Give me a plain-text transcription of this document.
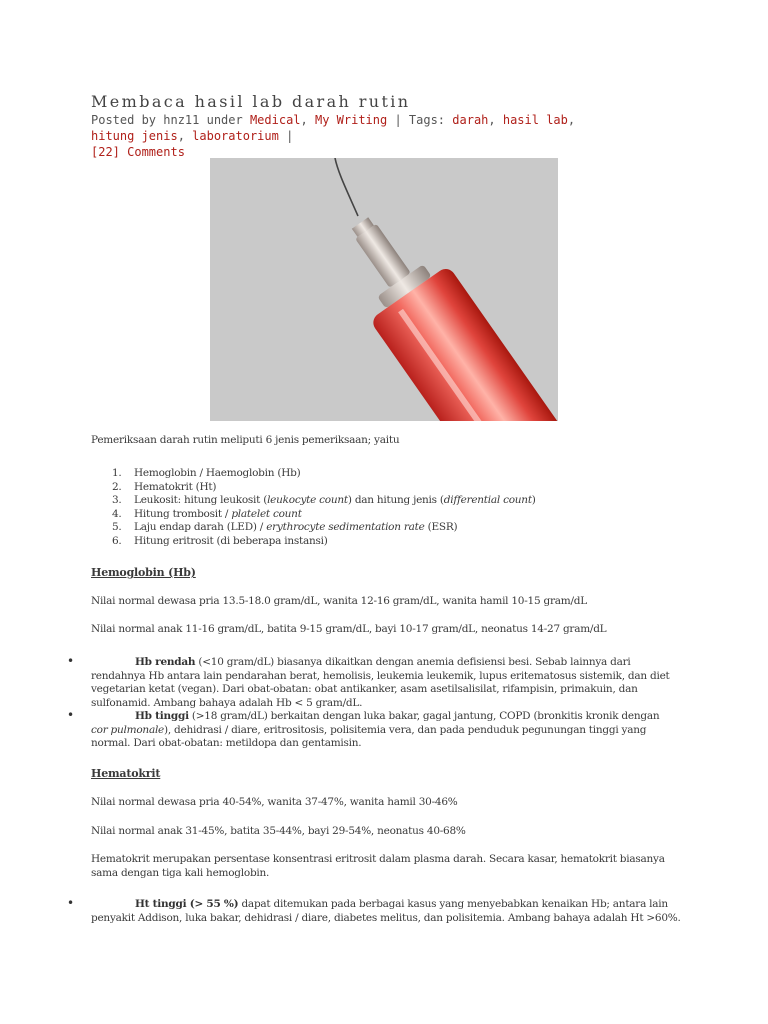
Membaca hasil lab darah rutin
Posted by hnz11 under Medical, My Writing | Tags: darah, hasil lab, hitung jenis, laboratorium |
[22] Comments
Pemeriksaan darah rutin meliputi 6 jenis pemeriksaan; yaitu
1. Hemoglobin / Haemoglobin (Hb)
2. Hematokrit (Ht)
3. Leukosit: hitung leukosit (leukocyte count) dan hitung jenis (differential count)
4. Hitung trombosit / platelet count
5. Laju endap darah (LED) / erythrocyte sedimentation rate (ESR)
6. Hitung eritrosit (di beberapa instansi)
Hemoglobin (Hb)
Nilai normal dewasa pria 13.5-18.0 gram/dL, wanita 12-16 gram/dL, wanita hamil 10-15 gram/dL
Nilai normal anak 11-16 gram/dL, batita 9-15 gram/dL, bayi 10-17 gram/dL, neonatus 14-27 gram/dL
•	Hb rendah (<10 gram/dL) biasanya dikaitkan dengan anemia defisiensi besi. Sebab lainnya dari rendahnya Hb antara lain pendarahan berat, hemolisis, leukemia leukemik, lupus eritematosus sistemik, dan diet vegetarian ketat (vegan). Dari obat-obatan: obat antikanker, asam asetilsalisilat, rifampisin, primakuin, dan sulfonamid. Ambang bahaya adalah Hb < 5 gram/dL.
•	Hb tinggi (>18 gram/dL) berkaitan dengan luka bakar, gagal jantung, COPD (bronkitis kronik dengan cor pulmonale), dehidrasi / diare, eritrositosis, polisitemia vera, dan pada penduduk pegunungan tinggi yang normal. Dari obat-obatan: metildopa dan gentamisin.
Hematokrit
Nilai normal dewasa pria 40-54%, wanita 37-47%, wanita hamil 30-46%
Nilai normal anak 31-45%, batita 35-44%, bayi 29-54%, neonatus 40-68%
Hematokrit merupakan persentase konsentrasi eritrosit dalam plasma darah. Secara kasar, hematokrit biasanya sama dengan tiga kali hemoglobin.
•	Ht tinggi (> 55 %) dapat ditemukan pada berbagai kasus yang menyebabkan kenaikan Hb; antara lain penyakit Addison, luka bakar, dehidrasi / diare, diabetes melitus, dan polisitemia. Ambang bahaya adalah Ht >60%.
